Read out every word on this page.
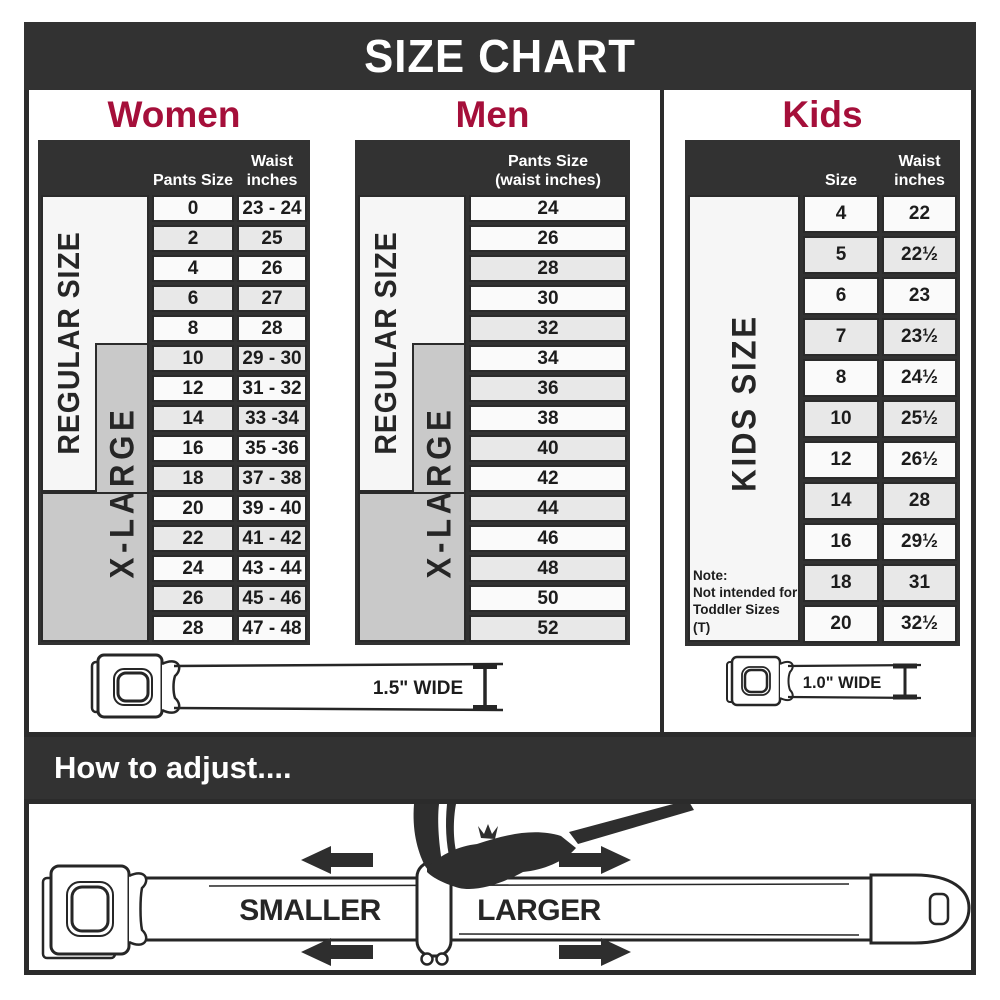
SIZE CHART
Women	Men	Kids
Pants Size
Waist
inches
REGULAR SIZE
X-LARGE
0	23 - 24
2	25
4	26
6	27
8	28
10	29 - 30
12	31 - 32
14	33 -34
16	35 -36
18	37 - 38
20	39 - 40
22	41 - 42
24	43 - 44
26	45 - 46
28	47 - 48
Pants Size
(waist inches)
REGULAR SIZE
X-LARGE
24
26
28
30
32
34
36
38
40
42
44
46
48
50
52
Size
Waist
inches
KIDS SIZE
Note:
Not intended for
Toddler Sizes (T)
4	22
5	22½
6	23
7	23½
8	24½
10	25½
12	26½
14	28
16	29½
18	31
20	32½
1.5" WIDE	1.0" WIDE
How to adjust....
SMALLER	LARGER
